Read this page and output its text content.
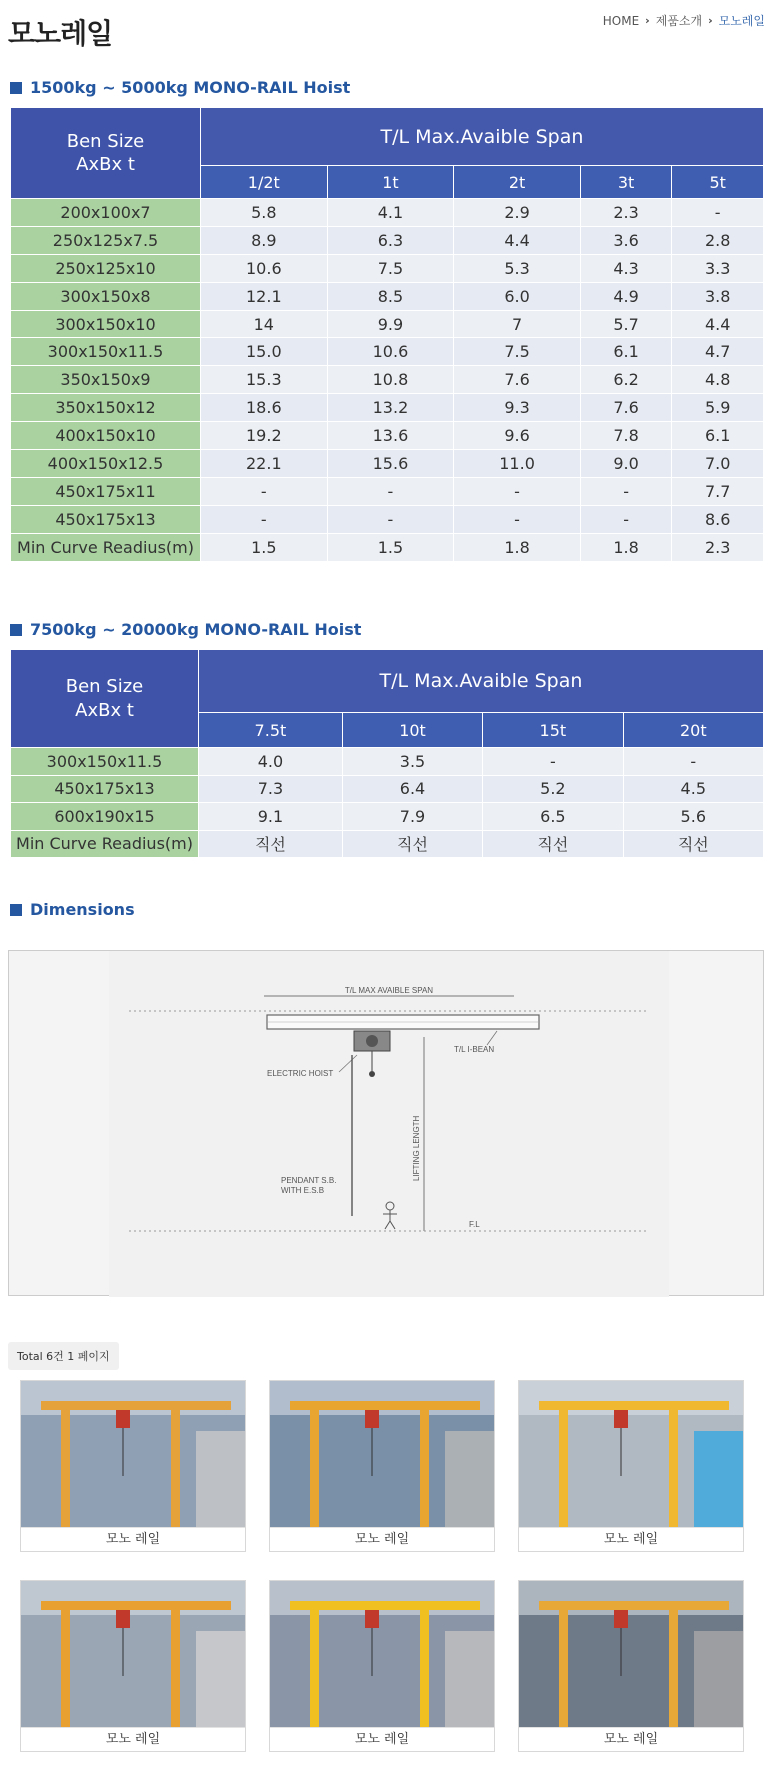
모노레일	HOME › 제품소개 › 모노레일
1500kg ~ 5000kg MONO-RAIL Hoist
Ben Size
AxBx t	T/L Max.Avaible Span				
	1/2t	1t	2t	3t	5t
200x100x7	5.8	4.1	2.9	2.3	-
250x125x7.5	8.9	6.3	4.4	3.6	2.8
250x125x10	10.6	7.5	5.3	4.3	3.3
300x150x8	12.1	8.5	6.0	4.9	3.8
300x150x10	14	9.9	7	5.7	4.4
300x150x11.5	15.0	10.6	7.5	6.1	4.7
350x150x9	15.3	10.8	7.6	6.2	4.8
350x150x12	18.6	13.2	9.3	7.6	5.9
400x150x10	19.2	13.6	9.6	7.8	6.1
400x150x12.5	22.1	15.6	11.0	9.0	7.0
450x175x11	-	-	-	-	7.7
450x175x13	-	-	-	-	8.6
Min Curve Readius(m)	1.5	1.5	1.8	1.8	2.3
7500kg ~ 20000kg MONO-RAIL Hoist
Ben Size
AxBx t	T/L Max.Avaible Span			
	7.5t	10t	15t	20t
300x150x11.5	4.0	3.5	-	-
450x175x13	7.3	6.4	5.2	4.5
600x190x15	9.1	7.9	6.5	5.6
Min Curve Readius(m)	직선	직선	직선	직선
Dimensions
T/L MAX AVAIBLE SPAN
T/L I-BEAN
ELECTRIC HOIST
PENDANT S.B.
WITH E.S.B
LIFTING LENGTH
F.L
Total 6건 1 페이지
모노 레일	모노 레일	모노 레일
모노 레일	모노 레일	모노 레일
